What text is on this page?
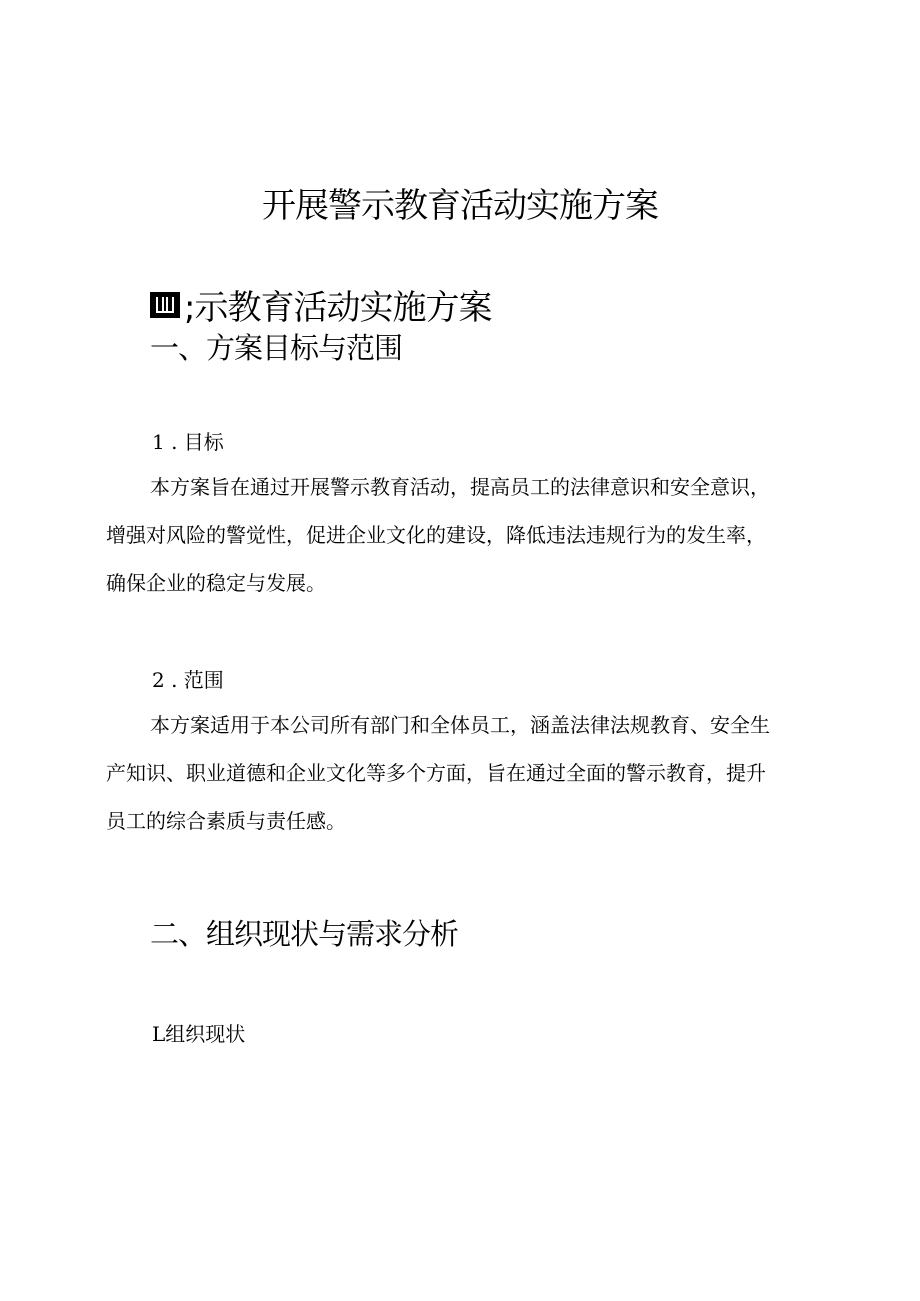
开展警示教育活动实施方案
;示教育活动实施方案
一、方案目标与范围
1 . 目标
本方案旨在通过开展警示教育活动，提高员工的法律意识和安全意识，
增强对风险的警觉性，促进企业文化的建设，降低违法违规行为的发生率，
确保企业的稳定与发展。
2 . 范围
本方案适用于本公司所有部门和全体员工，涵盖法律法规教育、安全生
产知识、职业道德和企业文化等多个方面，旨在通过全面的警示教育，提升
员工的综合素质与责任感。
二、组织现状与需求分析
L组织现状
